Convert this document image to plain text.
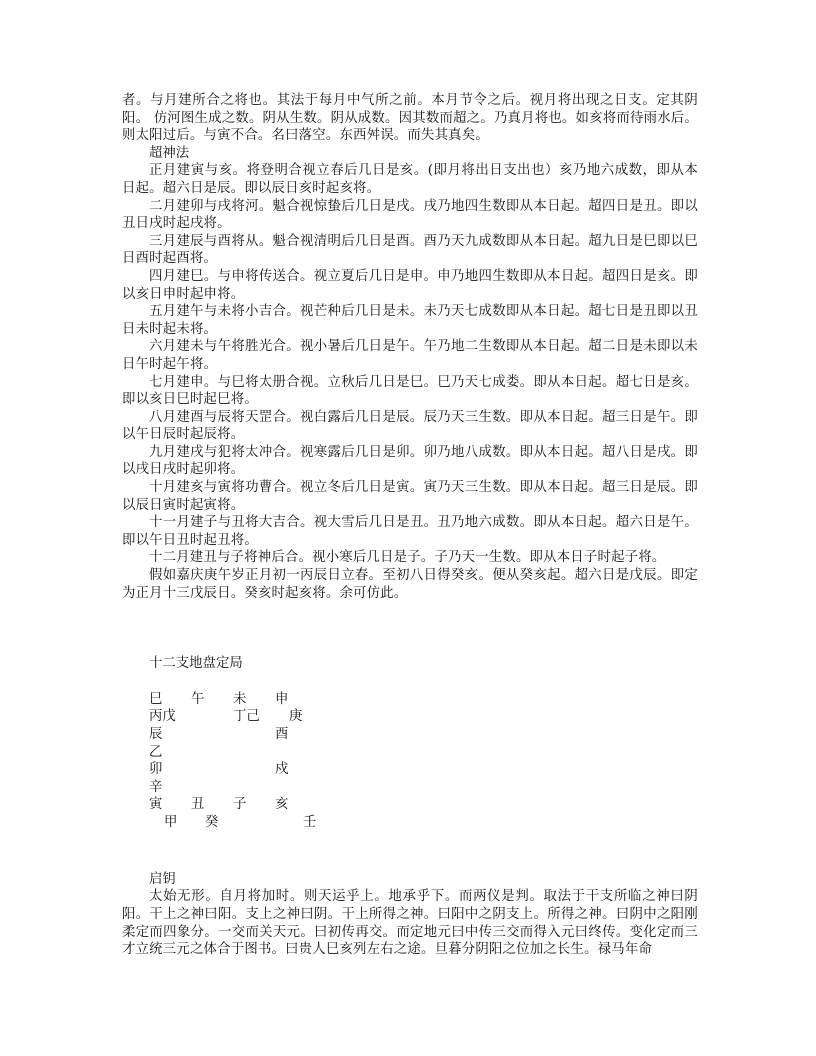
者。与月建所合之将也。其法于每月中气所之前。本月节令之后。视月将出现之日支。定其阴阳。 仿河图生成之数。阴从生数。阴从成数。因其数而超之。乃真月将也。如亥将而待雨水后。则太阳过后。与寅不合。名曰落空。东西舛误。而失其真矣。

超神法

正月建寅与亥。将登明合视立春后几日是亥。(即月将出日支出也）亥乃地六成数，即从本日起。超六日是辰。即以辰日亥时起亥将。

二月建卯与戌将河。魁合视惊蛰后几日是戌。戌乃地四生数即从本日起。超四日是丑。即以丑日戌时起戌将。

三月建辰与酉将从。魁合视清明后几日是酉。酉乃天九成数即从本日起。超九日是巳即以巳日酉时起酉将。

四月建巳。与申将传送合。视立夏后几日是申。申乃地四生数即从本日起。超四日是亥。即以亥日申时起申将。

五月建午与未将小吉合。视芒种后几日是未。未乃天七成数即从本日起。超七日是丑即以丑日未时起未将。

六月建未与午将胜光合。视小暑后几日是午。午乃地二生数即从本日起。超二日是未即以未日午时起午将。

七月建申。与巳将太册合视。立秋后几日是巳。巳乃天七成娄。即从本日起。超七日是亥。即以亥日巳时起巳将。

八月建酉与辰将天罡合。视白露后几日是辰。辰乃天三生数。即从本日起。超三日是午。即以午日辰时起辰将。

九月建戌与犯将太冲合。视寒露后几日是卯。卯乃地八成数。即从本日起。超八日是戌。即以戌日戌时起卯将。

十月建亥与寅将功曹合。视立冬后几日是寅。寅乃天三生数。即从本日起。超三日是辰。即以辰日寅时起寅将。

十一月建子与丑将大吉合。视大雪后几日是丑。丑乃地六成数。即从本日起。超六日是午。即以午日丑时起丑将。

十二月建丑与子将神后合。视小寒后几日是子。子乃天一生数。即从本日子时起子将。

假如嘉庆庚午岁正月初一丙辰日立春。至初八日得癸亥。便从癸亥起。超六日是戊辰。即定为正月十三戊辰日。癸亥时起亥将。余可仿此。

十二支地盘定局

巳 午 未 申
丙戊	丁己 庚
辰	酉
乙
卯	戍
辛
寅 丑 子 亥
甲 癸	壬

启钥

太始无形。自月将加时。则天运乎上。地承乎下。而两仪是判。取法于干支所临之神曰阴阳。干上之神曰阳。支上之神曰阴。干上所得之神。曰阳中之阴支上。所得之神。曰阴中之阳刚柔定而四象分。一交而关天元。曰初传再交。而定地元曰中传三交而得入元曰终传。变化定而三才立统三元之体合于图书。曰贵人巳亥列左右之途。旦暮分阴阳之位加之长生。禄马年命
